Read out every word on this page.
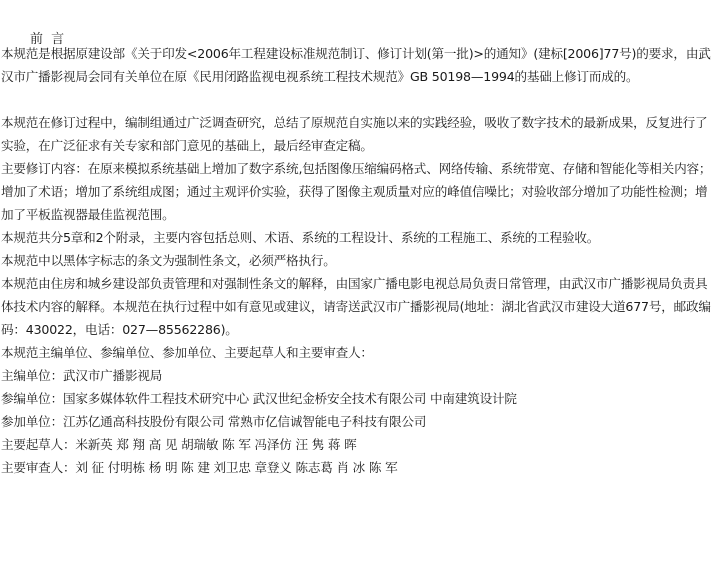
前 言

本规范是根据原建设部《关于印发<2006年工程建设标准规范制订、修订计划(第一批)>的通知》(建标[2006]77号)的要求，由武汉市广播影视局会同有关单位在原《民用闭路监视电视系统工程技术规范》GB 50198—1994的基础上修订而成的。

本规范在修订过程中，编制组通过广泛调查研究，总结了原规范自实施以来的实践经验，吸收了数字技术的最新成果，反复进行了实验，在广泛征求有关专家和部门意见的基础上，最后经审查定稿。

主要修订内容：在原来模拟系统基础上增加了数字系统,包括图像压缩编码格式、网络传输、系统带宽、存储和智能化等相关内容；增加了术语；增加了系统组成图；通过主观评价实验，获得了图像主观质量对应的峰值信噪比；对验收部分增加了功能性检测；增加了平板监视器最佳监视范围。

本规范共分5章和2个附录，主要内容包括总则、术语、系统的工程设计、系统的工程施工、系统的工程验收。

本规范中以黑体字标志的条文为强制性条文，必须严格执行。

本规范由住房和城乡建设部负责管理和对强制性条文的解释，由国家广播电影电视总局负责日常管理，由武汉市广播影视局负责具体技术内容的解释。本规范在执行过程中如有意见或建议，请寄送武汉市广播影视局(地址：湖北省武汉市建设大道677号，邮政编码：430022，电话：027—85562286)。

本规范主编单位、参编单位、参加单位、主要起草人和主要审查人：

主编单位：武汉市广播影视局

参编单位：国家多媒体软件工程技术研究中心 武汉世纪金桥安全技术有限公司 中南建筑设计院

参加单位：江苏亿通高科技股份有限公司 常熟市亿信诚智能电子科技有限公司

主要起草人：米新英 郑 翔 高 见 胡瑞敏 陈 军 冯泽仿 汪 隽 蒋 晖

主要审查人：刘 征 付明栋 杨 明 陈 建 刘卫忠 章登义 陈志葛 肖 冰 陈 军
